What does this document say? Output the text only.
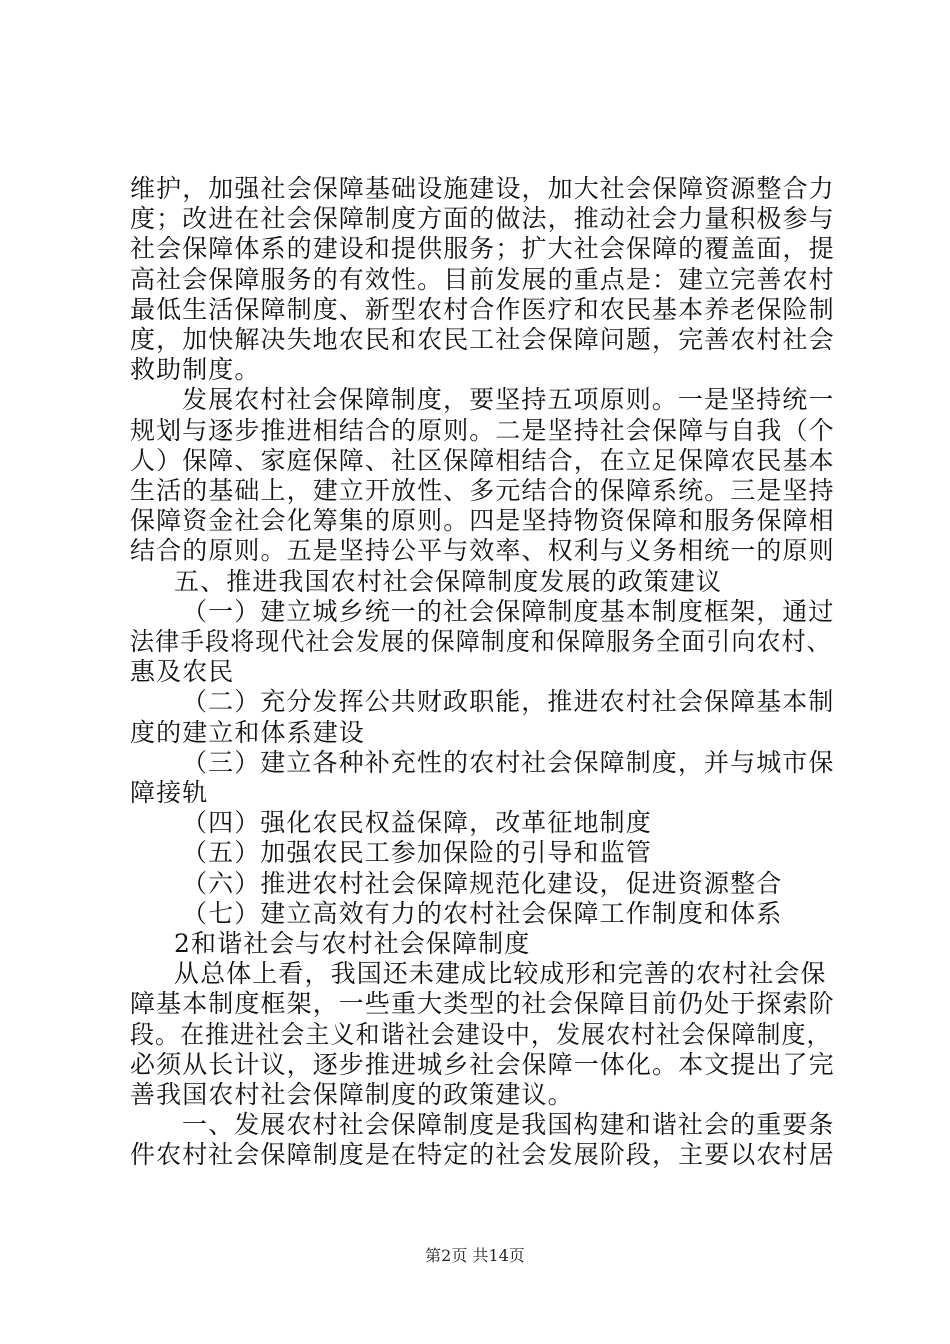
维护，加强社会保障基础设施建设，加大社会保障资源整合力
度；改进在社会保障制度方面的做法，推动社会力量积极参与
社会保障体系的建设和提供服务；扩大社会保障的覆盖面，提
高社会保障服务的有效性。目前发展的重点是：建立完善农村
最低生活保障制度、新型农村合作医疗和农民基本养老保险制
度，加快解决失地农民和农民工社会保障问题，完善农村社会
救助制度。
发展农村社会保障制度，要坚持五项原则。一是坚持统一
规划与逐步推进相结合的原则。二是坚持社会保障与自我（个
人）保障、家庭保障、社区保障相结合，在立足保障农民基本
生活的基础上，建立开放性、多元结合的保障系统。三是坚持
保障资金社会化筹集的原则。四是坚持物资保障和服务保障相
结合的原则。五是坚持公平与效率、权利与义务相统一的原则
五、推进我国农村社会保障制度发展的政策建议
（一）建立城乡统一的社会保障制度基本制度框架，通过
法律手段将现代社会发展的保障制度和保障服务全面引向农村、
惠及农民
（二）充分发挥公共财政职能，推进农村社会保障基本制
度的建立和体系建设
（三）建立各种补充性的农村社会保障制度，并与城市保
障接轨
（四）强化农民权益保障，改革征地制度
（五）加强农民工参加保险的引导和监管
（六）推进农村社会保障规范化建设，促进资源整合
（七）建立高效有力的农村社会保障工作制度和体系
2和谐社会与农村社会保障制度
从总体上看，我国还未建成比较成形和完善的农村社会保
障基本制度框架，一些重大类型的社会保障目前仍处于探索阶
段。在推进社会主义和谐社会建设中，发展农村社会保障制度，
必须从长计议，逐步推进城乡社会保障一体化。本文提出了完
善我国农村社会保障制度的政策建议。
一、发展农村社会保障制度是我国构建和谐社会的重要条
件农村社会保障制度是在特定的社会发展阶段，主要以农村居
第2页 共14页
